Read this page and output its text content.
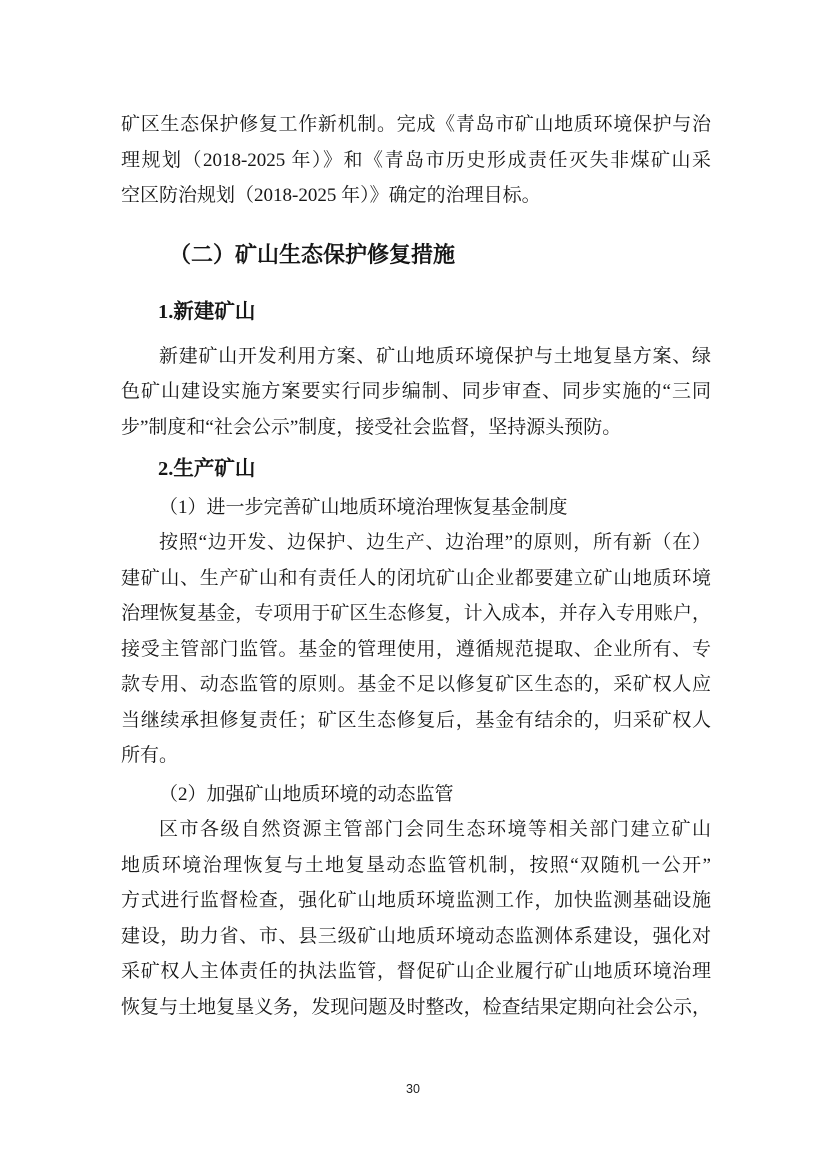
矿区生态保护修复工作新机制。完成《青岛市矿山地质环境保护与治
理规划（2018-2025 年）》和《青岛市历史形成责任灭失非煤矿山采
空区防治规划（2018-2025 年）》确定的治理目标。
（二）矿山生态保护修复措施
1.新建矿山
新建矿山开发利用方案、矿山地质环境保护与土地复垦方案、绿
色矿山建设实施方案要实行同步编制、同步审查、同步实施的“三同
步”制度和“社会公示”制度，接受社会监督，坚持源头预防。
2.生产矿山
（1）进一步完善矿山地质环境治理恢复基金制度
按照“边开发、边保护、边生产、边治理”的原则，所有新（在）
建矿山、生产矿山和有责任人的闭坑矿山企业都要建立矿山地质环境
治理恢复基金，专项用于矿区生态修复，计入成本，并存入专用账户，
接受主管部门监管。基金的管理使用，遵循规范提取、企业所有、专
款专用、动态监管的原则。基金不足以修复矿区生态的，采矿权人应
当继续承担修复责任；矿区生态修复后，基金有结余的，归采矿权人
所有。
（2）加强矿山地质环境的动态监管
区市各级自然资源主管部门会同生态环境等相关部门建立矿山
地质环境治理恢复与土地复垦动态监管机制，按照“双随机一公开”
方式进行监督检查，强化矿山地质环境监测工作，加快监测基础设施
建设，助力省、市、县三级矿山地质环境动态监测体系建设，强化对
采矿权人主体责任的执法监管，督促矿山企业履行矿山地质环境治理
恢复与土地复垦义务，发现问题及时整改，检查结果定期向社会公示，
30
